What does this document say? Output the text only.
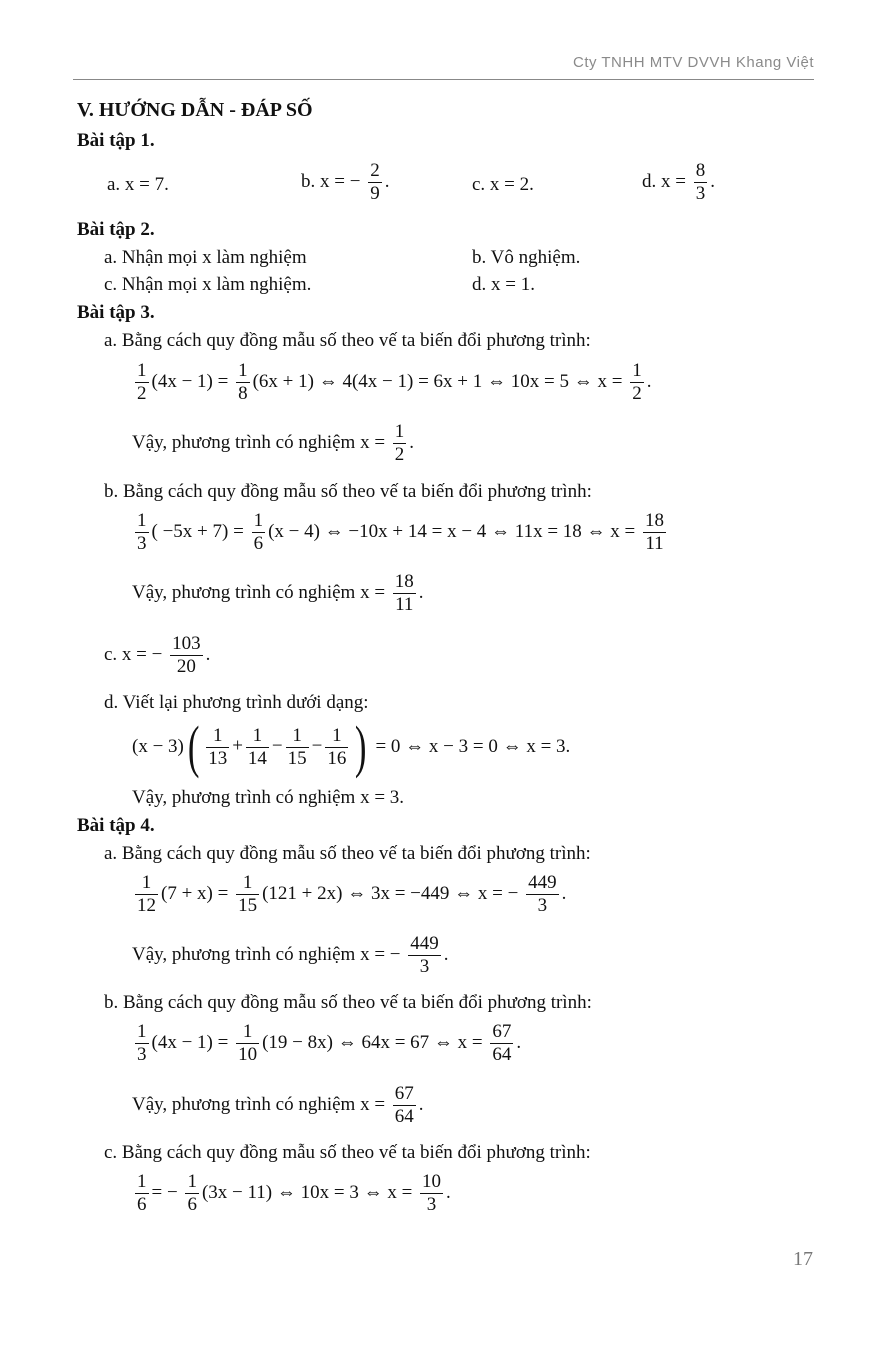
Cty TNHH MTV DVVH Khang Việt
V. HƯỚNG DẪN - ĐÁP SỐ
Bài tập 1.
a. x = 7.	b. x = − $\frac{2}{9}$ .	c. x = 2.	d. $x = \frac{8}{3}$ .
Bài tập 2.
a. Nhận mọi x làm nghiệm	b. Vô nghiệm.
c. Nhận mọi x làm nghiệm.	d. x = 1.
Bài tập 3.
a. Bằng cách quy đồng mẫu số theo vế ta biến đổi phương trình:
$\frac{1}{2} (4x - 1) = \frac{1}{8} (6x + 1)$ ⇔ 4(4x − 1) = 6x + 1 ⇔ 10x = 5 ⇔ $x = \frac{1}{2}$ .
Vậy, phương trình có nghiệm $x = \frac{1}{2}$ .
b. Bằng cách quy đồng mẫu số theo vế ta biến đổi phương trình:
$\frac{1}{3}$ ( $-5x + 7) = \frac{1}{6} (x - 4)$ ⇔ −10x + 14 = x − 4 ⇔ 11x = 18 ⇔ $x = \frac{18}{11}$
Vậy, phương trình có nghiệm $x = \frac{18}{11}$ .
c. x = − $\frac{103}{20}$ .
d. Viết lại phương trình dưới dạng:
$(x - 3)( \frac{1}{13} + \frac{1}{14} - \frac{1}{15} - \frac{1}{16}$ ) = 0 ⇔ x − 3 = 0 ⇔ x = 3.
Vậy, phương trình có nghiệm x = 3.
Bài tập 4.
a. Bằng cách quy đồng mẫu số theo vế ta biến đổi phương trình:
$\frac{1}{12} (7 + x) = \frac{1}{15} (121 + 2x)$ ⇔ 3x = −449 ⇔ x = − $\frac{449}{3}$ .
Vậy, phương trình có nghiệm x = − $\frac{449}{3}$ .
b. Bằng cách quy đồng mẫu số theo vế ta biến đổi phương trình:
$\frac{1}{3} (4x - 1) = \frac{1}{10} (19 - 8x)$ ⇔ 64x = 67 ⇔ $x = \frac{67}{64}$ .
Vậy, phương trình có nghiệm $x = \frac{67}{64}$ .
c. Bằng cách quy đồng mẫu số theo vế ta biến đổi phương trình:
$\frac{1}{6}$ = − $\frac{1}{6} (3x - 11)$ ⇔ 10x = 3 ⇔ $x = \frac{10}{3}$ .
17
